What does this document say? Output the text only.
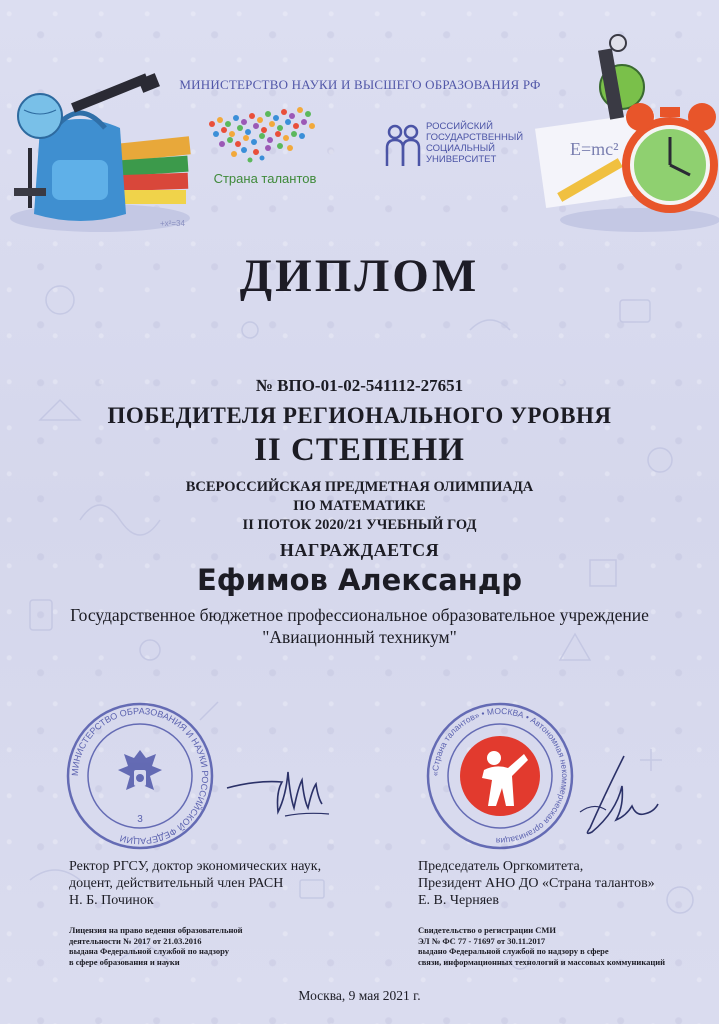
+x²=34
E=mc²
МИНИСТЕРСТВО НАУКИ И ВЫСШЕГО ОБРАЗОВАНИЯ РФ
Страна талантов
РОССИЙСКИЙ
ГОСУДАРСТВЕННЫЙ
СОЦИАЛЬНЫЙ
УНИВЕРСИТЕТ
ДИПЛОМ
№ ВПО-01-02-541112-27651
ПОБЕДИТЕЛЯ РЕГИОНАЛЬНОГО УРОВНЯ
II СТЕПЕНИ
ВСЕРОССИЙСКАЯ ПРЕДМЕТНАЯ ОЛИМПИАДА
ПО МАТЕМАТИКЕ
II ПОТОК 2020/21 УЧЕБНЫЙ ГОД
НАГРАЖДАЕТСЯ
Ефимов Александр
Государственное бюджетное профессиональное образовательное учреждение
"Авиационный техникум"
МИНИСТЕРСТВО ОБРАЗОВАНИЯ И НАУКИ РОССИЙСКОЙ ФЕДЕРАЦИИ
3
«Страна талантов» • МОСКВА • Автономная некоммерческая организация
Ректор РГСУ, доктор экономических наук,
доцент, действительный член РАСН
Н. Б. Починок
Председатель Оргкомитета,
Президент АНО ДО «Страна талантов»
Е. В. Черняев
Лицензия на право ведения образовательной
деятельности № 2017 от 21.03.2016
выдана Федеральной службой по надзору
в сфере образования и науки
Свидетельство о регистрации СМИ
ЭЛ № ФС 77 - 71697 от 30.11.2017
выдано Федеральной службой по надзору в сфере
связи, информационных технологий и массовых коммуникаций
Москва, 9 мая 2021 г.
